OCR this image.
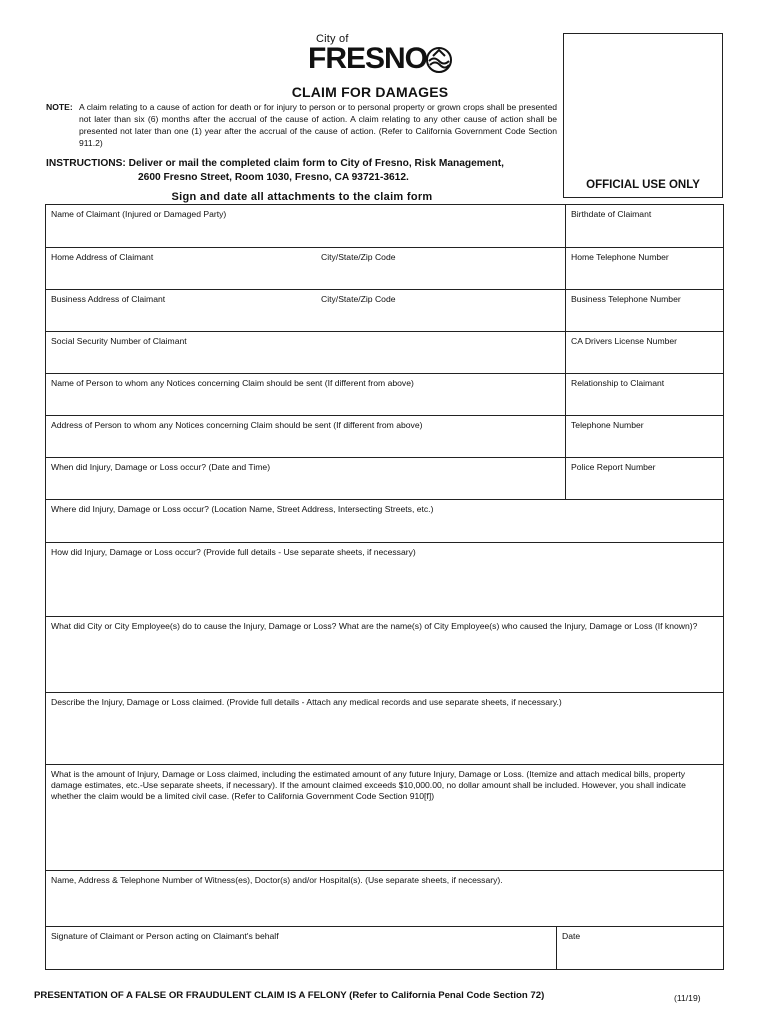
City of
FRESNO
OFFICIAL USE ONLY
CLAIM FOR DAMAGES
NOTE: A claim relating to a cause of action for death or for injury to person or to personal property or grown crops shall be presented not later than six (6) months after the accrual of the cause of action. A claim relating to any other cause of action shall be presented not later than one (1) year after the accrual of the cause of action. (Refer to California Government Code Section 911.2)
INSTRUCTIONS: Deliver or mail the completed claim form to City of Fresno, Risk Management,
2600 Fresno Street, Room 1030, Fresno, CA 93721-3612.
Sign and date all attachments to the claim form
Name of Claimant (Injured or Damaged Party)	Birthdate of Claimant
Home Address of Claimant	City/State/Zip Code	Home Telephone Number
Business Address of Claimant	City/State/Zip Code	Business Telephone Number
Social Security Number of Claimant	CA Drivers License Number
Name of Person to whom any Notices concerning Claim should be sent (If different from above)	Relationship to Claimant
Address of Person to whom any Notices concerning Claim should be sent (If different from above)	Telephone Number
When did Injury, Damage or Loss occur? (Date and Time)	Police Report Number
Where did Injury, Damage or Loss occur? (Location Name, Street Address, Intersecting Streets, etc.)
How did Injury, Damage or Loss occur? (Provide full details - Use separate sheets, if necessary)
What did City or City Employee(s) do to cause the Injury, Damage or Loss? What are the name(s) of City Employee(s) who caused the Injury, Damage or Loss (If known)?
Describe the Injury, Damage or Loss claimed. (Provide full details - Attach any medical records and use separate sheets, if necessary.)
What is the amount of Injury, Damage or Loss claimed, including the estimated amount of any future Injury, Damage or Loss. (Itemize and attach medical bills, property damage estimates, etc.-Use separate sheets, if necessary). If the amount claimed exceeds $10,000.00, no dollar amount shall be included. However, you shall indicate whether the claim would be a limited civil case. (Refer to California Government Code Section 910[f])
Name, Address & Telephone Number of Witness(es), Doctor(s) and/or Hospital(s). (Use separate sheets, if necessary).
Signature of Claimant or Person acting on Claimant's behalf	Date
PRESENTATION OF A FALSE OR FRAUDULENT CLAIM IS A FELONY (Refer to California Penal Code Section 72)	(11/19)
